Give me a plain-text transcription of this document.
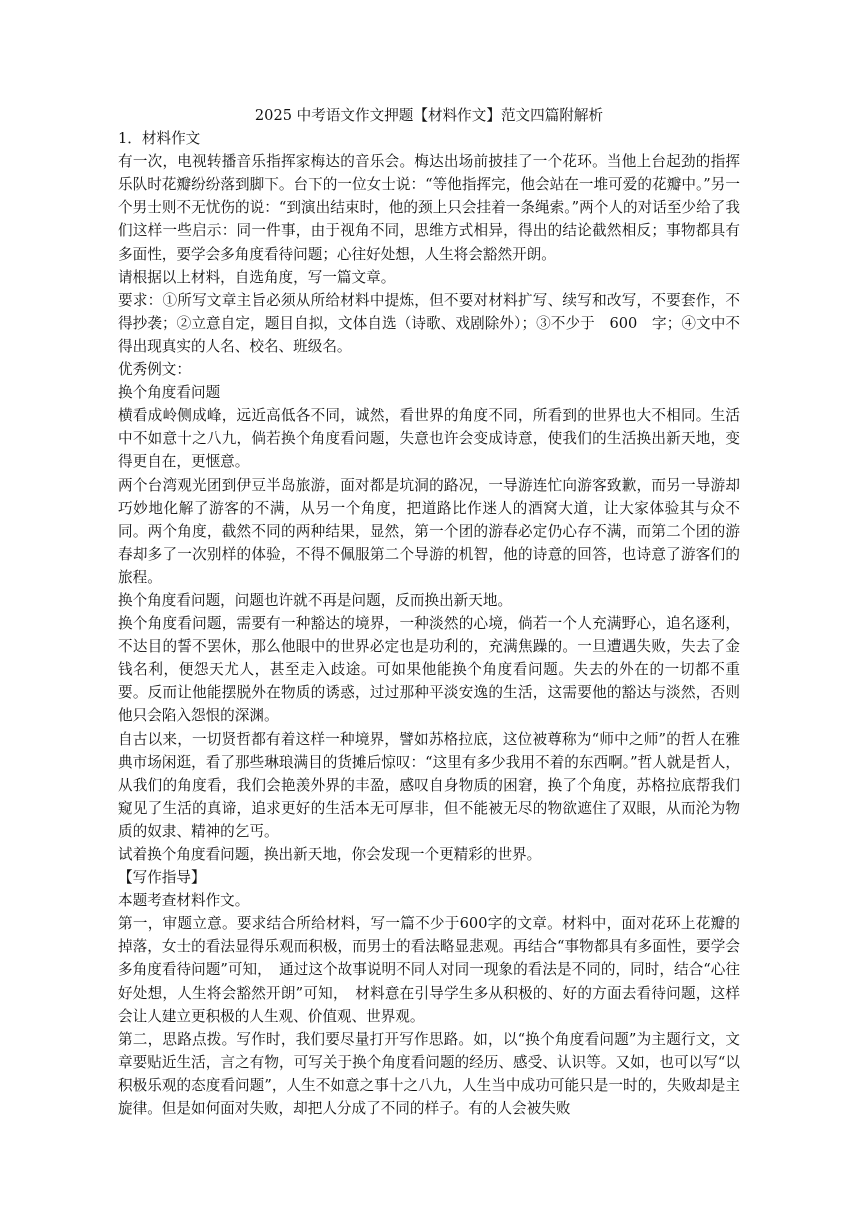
2025 中考语文作文押题【材料作文】范文四篇附解析

1．材料作文

有一次，电视转播音乐指挥家梅达的音乐会。梅达出场前披挂了一个花环。当他上台起劲的指挥乐队时花瓣纷纷落到脚下。台下的一位女士说：“等他指挥完，他会站在一堆可爱的花瓣中。”另一个男士则不无忧伤的说：“到演出结束时，他的颈上只会挂着一条绳索。”两个人的对话至少给了我们这样一些启示：同一件事，由于视角不同，思维方式相异，得出的结论截然相反；事物都具有多面性，要学会多角度看待问题；心往好处想，人生将会豁然开朗。

请根据以上材料，自选角度，写一篇文章。

要求：①所写文章主旨必须从所给材料中提炼，但不要对材料扩写、续写和改写，不要套作，不得抄袭；②立意自定，题目自拟，文体自选（诗歌、戏剧除外）；③不少于　600　字；④文中不得出现真实的人名、校名、班级名。

优秀例文：

换个角度看问题

横看成岭侧成峰，远近高低各不同，诚然，看世界的角度不同，所看到的世界也大不相同。生活中不如意十之八九，倘若换个角度看问题，失意也许会变成诗意，使我们的生活换出新天地，变得更自在，更惬意。

两个台湾观光团到伊豆半岛旅游，面对都是坑洞的路况，一导游连忙向游客致歉，而另一导游却巧妙地化解了游客的不满，从另一个角度，把道路比作迷人的酒窝大道，让大家体验其与众不同。两个角度，截然不同的两种结果，显然，第一个团的游春必定仍心存不满，而第二个团的游春却多了一次别样的体验，不得不佩服第二个导游的机智，他的诗意的回答，也诗意了游客们的旅程。

换个角度看问题，问题也许就不再是问题，反而换出新天地。

换个角度看问题，需要有一种豁达的境界，一种淡然的心境，倘若一个人充满野心，追名逐利，不达目的誓不罢休，那么他眼中的世界必定也是功利的，充满焦躁的。一旦遭遇失败，失去了金钱名利，便怨天尤人，甚至走入歧途。可如果他能换个角度看问题。失去的外在的一切都不重要。反而让他能摆脱外在物质的诱惑，过过那种平淡安逸的生活，这需要他的豁达与淡然，否则他只会陷入怨恨的深渊。

自古以来，一切贤哲都有着这样一种境界，譬如苏格拉底，这位被尊称为“师中之师”的哲人在雅典市场闲逛，看了那些琳琅满目的货摊后惊叹：“这里有多少我用不着的东西啊。”哲人就是哲人，从我们的角度看，我们会艳羡外界的丰盈，感叹自身物质的困窘，换了个角度，苏格拉底帮我们窥见了生活的真谛，追求更好的生活本无可厚非，但不能被无尽的物欲遮住了双眼，从而沦为物质的奴隶、精神的乞丐。

试着换个角度看问题，换出新天地，你会发现一个更精彩的世界。

【写作指导】

本题考查材料作文。

第一，审题立意。要求结合所给材料，写一篇不少于600字的文章。材料中，面对花环上花瓣的掉落，女士的看法显得乐观而积极，而男士的看法略显悲观。再结合“事物都具有多面性，要学会多角度看待问题”可知，　通过这个故事说明不同人对同一现象的看法是不同的，同时，结合“心往好处想，人生将会豁然开朗”可知，　材料意在引导学生多从积极的、好的方面去看待问题，这样会让人建立更积极的人生观、价值观、世界观。

第二，思路点拨。写作时，我们要尽量打开写作思路。如，以“换个角度看问题”为主题行文，文章要贴近生活，言之有物，可写关于换个角度看问题的经历、感受、认识等。又如，也可以写“以积极乐观的态度看问题”，人生不如意之事十之八九，人生当中成功可能只是一时的，失败却是主旋律。但是如何面对失败，却把人分成了不同的样子。有的人会被失败
